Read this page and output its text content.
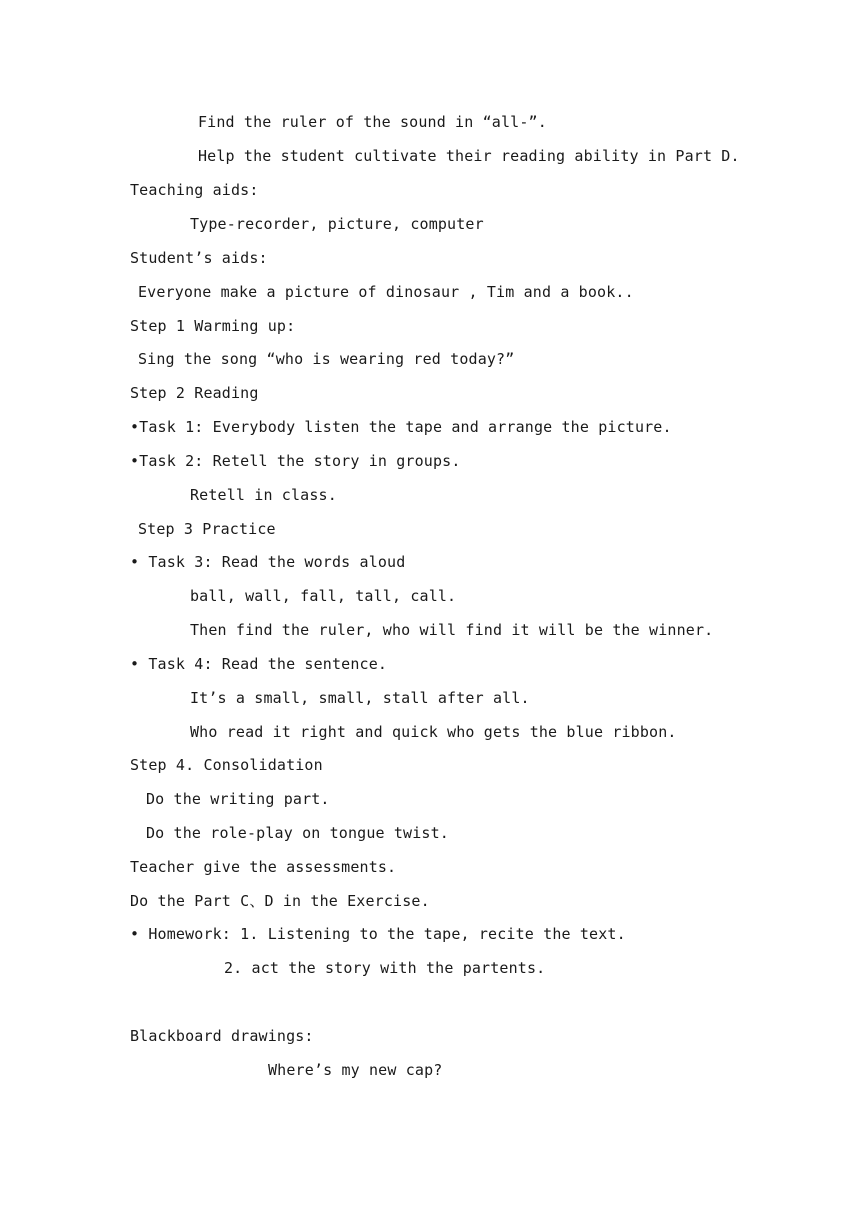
Find the ruler of the sound in “all-”.
Help the student cultivate their reading ability in Part D.
Teaching aids:
Type-recorder, picture, computer
Student’s aids:
Everyone make a picture of dinosaur , Tim and a book..
Step 1 Warming up:
Sing the song “who is wearing red today?”
Step 2 Reading
•Task 1: Everybody listen the tape and arrange the picture.
•Task 2: Retell the story in groups.
Retell in class.
Step 3 Practice
• Task 3: Read the words aloud
ball, wall, fall, tall, call.
Then find the ruler, who will find it will be the winner.
• Task 4: Read the sentence.
It’s a small, small, stall after all.
Who read it right and quick who gets the blue ribbon.
Step 4. Consolidation
Do the writing part.
Do the role-play on tongue twist.
Teacher give the assessments.
Do the Part C、D in the Exercise.
• Homework: 1. Listening to the tape, recite the text.
2. act the story with the partents.
Blackboard drawings:
Where’s my new cap?
